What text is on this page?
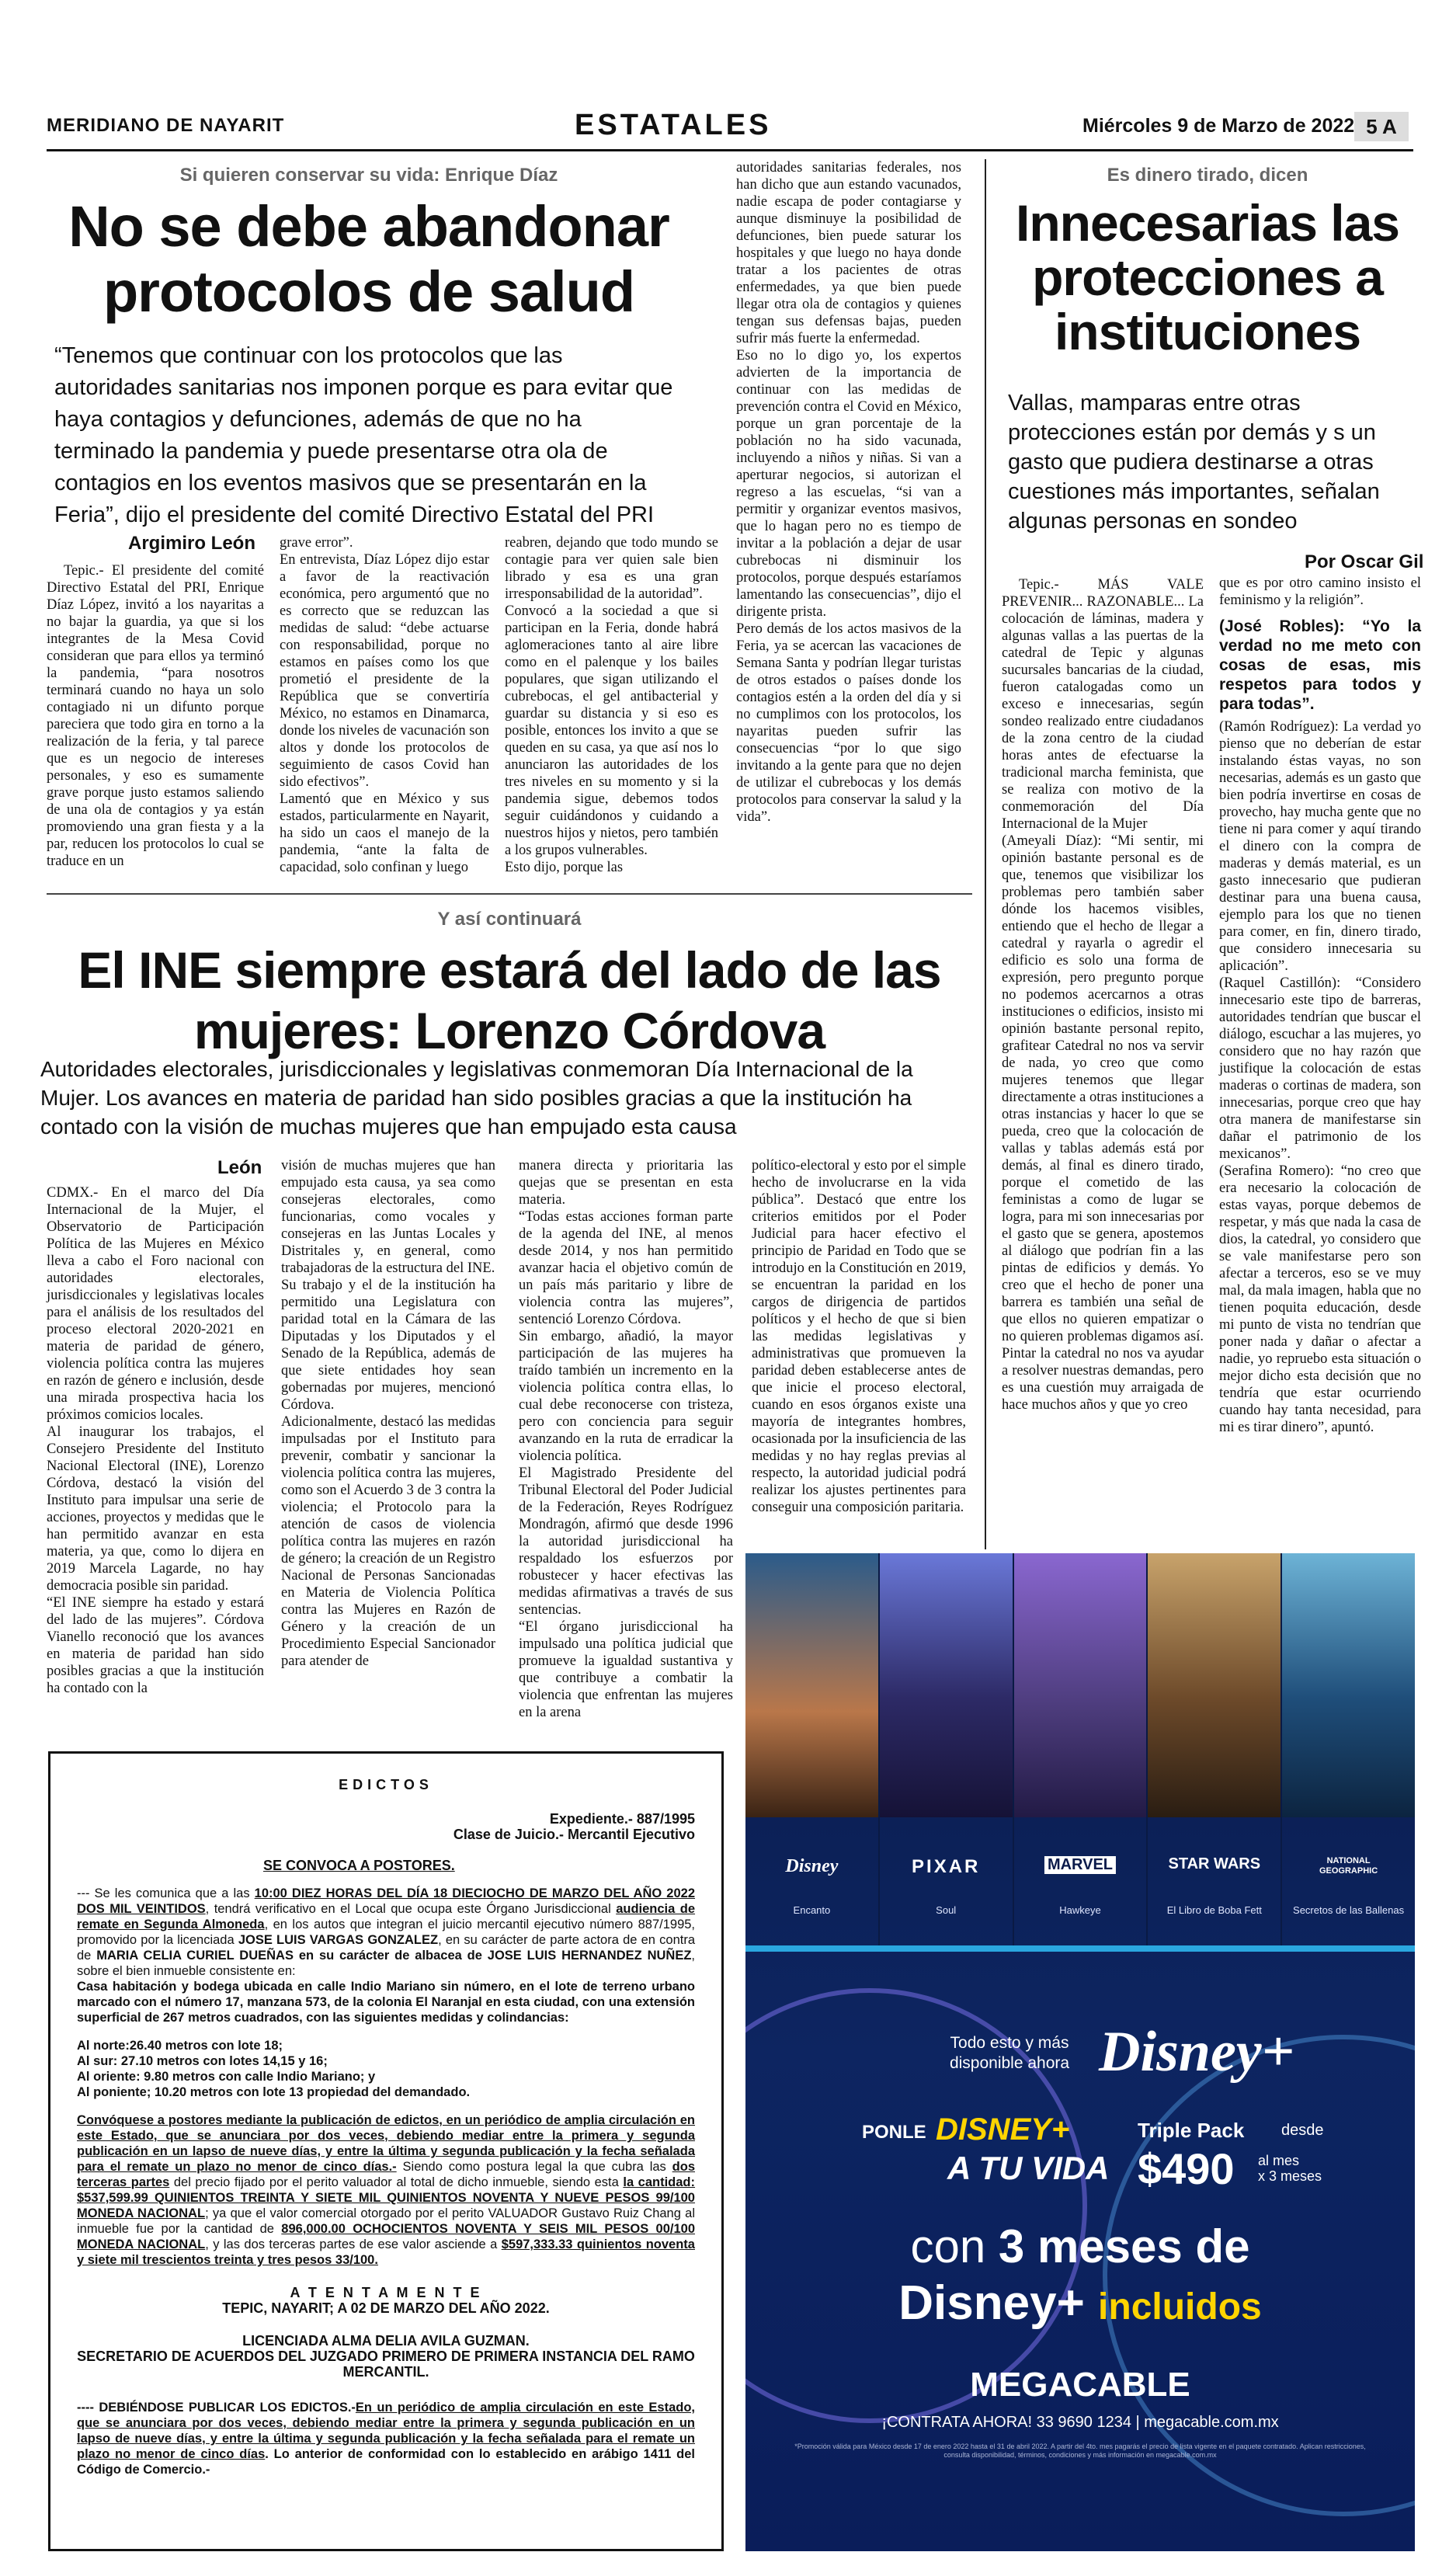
MERIDIANO DE NAYARIT	ESTATALES	Miércoles 9 de Marzo de 2022 5 A
Si quieren conservar su vida: Enrique Díaz
No se debe abandonar protocolos de salud
“Tenemos que continuar con los protocolos que las autoridades sanitarias nos imponen porque es para evitar que haya contagios y defunciones, además de que no ha terminado la pandemia y puede presentarse otra ola de contagios en los eventos masivos que se presentarán en la Feria”, dijo el presidente del comité Directivo Estatal del PRI
Argimiro León
Tepic.- El presidente del comité Directivo Estatal del PRI, Enrique Díaz López, invitó a los nayaritas a no bajar la guardia, ya que si los integrantes de la Mesa Covid consideran que para ellos ya terminó la pandemia, “para nosotros terminará cuando no haya un solo contagiado ni un difunto porque pareciera que todo gira en torno a la realización de la feria, y tal parece que es un negocio de intereses personales, y eso es sumamente grave porque justo estamos saliendo de una ola de contagios y ya están promoviendo una gran fiesta y a la par, reducen los protocolos lo cual se traduce en un
grave error”.
En entrevista, Díaz López dijo estar a favor de la reactivación económica, pero argumentó que no es correcto que se reduzcan las medidas de salud: “debe actuarse con responsabilidad, porque no estamos en países como los que prometió el presidente de la República que se convertiría México, no estamos en Dinamarca, donde los niveles de vacunación son altos y donde los protocolos de seguimiento de casos Covid han sido efectivos”.
Lamentó que en México y sus estados, particularmente en Nayarit, ha sido un caos el manejo de la pandemia, “ante la falta de capacidad, solo confinan y luego
reabren, dejando que todo mundo se contagie para ver quien sale bien librado y esa es una gran irresponsabilidad de la autoridad”.
Convocó a la sociedad a que si participan en la Feria, donde habrá aglomeraciones tanto al aire libre como en el palenque y los bailes populares, que sigan utilizando el cubrebocas, el gel antibacterial y guardar su distancia y si eso es posible, entonces los invito a que se queden en su casa, ya que así nos lo anunciaron las autoridades de los tres niveles en su momento y si la pandemia sigue, debemos todos seguir cuidándonos y cuidando a nuestros hijos y nietos, pero también a los grupos vulnerables.
Esto dijo, porque las
autoridades sanitarias federales, nos han dicho que aun estando vacunados, nadie escapa de poder contagiarse y aunque disminuye la posibilidad de defunciones, bien puede saturar los hospitales y que luego no haya donde tratar a los pacientes de otras enfermedades, ya que bien puede llegar otra ola de contagios y quienes tengan sus defensas bajas, pueden sufrir más fuerte la enfermedad.
Eso no lo digo yo, los expertos advierten de la importancia de continuar con las medidas de prevención contra el Covid en México, porque un gran porcentaje de la población no ha sido vacunada, incluyendo a niños y niñas. Si van a aperturar negocios, si autorizan el regreso a las escuelas, “si van a permitir y organizar eventos masivos, que lo hagan pero no es tiempo de invitar a la población a dejar de usar cubrebocas ni disminuir los protocolos, porque después estaríamos lamentando las consecuencias”, dijo el dirigente prista.
Pero demás de los actos masivos de la Feria, ya se acercan las vacaciones de Semana Santa y podrían llegar turistas de otros estados o países donde los contagios estén a la orden del día y si no cumplimos con los protocolos, los nayaritas pueden sufrir las consecuencias “por lo que sigo invitando a la gente para que no dejen de utilizar el cubrebocas y los demás protocolos para conservar la salud y la vida”.
Es dinero tirado, dicen
Innecesarias las protecciones a instituciones
Vallas, mamparas entre otras protecciones están por demás y s un gasto que pudiera destinarse a otras cuestiones más importantes, señalan algunas personas en sondeo
Por Oscar Gil
Tepic.- MÁS VALE PREVENIR... RAZONABLE... La colocación de láminas, madera y algunas vallas a las puertas de la catedral de Tepic y algunas sucursales bancarias de la ciudad, fueron catalogadas como un exceso e innecesarias, según sondeo realizado entre ciudadanos de la zona centro de la ciudad horas antes de efectuarse la tradicional marcha feminista, que se realiza con motivo de la conmemoración del Día Internacional de la Mujer
(Ameyali Díaz): “Mi sentir, mi opinión bastante personal es de que, tenemos que visibilizar los problemas pero también saber dónde los hacemos visibles, entiendo que el hecho de llegar a catedral y rayarla o agredir el edificio es solo una forma de expresión, pero pregunto porque no podemos acercarnos a otras instituciones o edificios, insisto mi opinión bastante personal repito, grafitear Catedral no nos va servir de nada, yo creo que como mujeres tenemos que llegar directamente a otras instituciones a otras instancias y hacer lo que se pueda, creo que la colocación de vallas y tablas además está por demás, al final es dinero tirado, porque el cometido de las feministas a como de lugar se logra, para mi son innecesarias por el gasto que se genera, apostemos al diálogo que podrían fin a las pintas de edificios y demás. Yo creo que el hecho de poner una barrera es también una señal de que ellos no quieren empatizar o no quieren problemas digamos así. Pintar la catedral no nos va ayudar a resolver nuestras demandas, pero es una cuestión muy arraigada de hace muchos años y que yo creo
que es por otro camino insisto el feminismo y la religión”.
(José Robles): “Yo la verdad no me meto con cosas de esas, mis respetos para todos y para todas”.
(Ramón Rodríguez): La verdad yo pienso que no deberían de estar instalando éstas vayas, no son necesarias, además es un gasto que bien podría invertirse en cosas de provecho, hay mucha gente que no tiene ni para comer y aquí tirando el dinero con la compra de maderas y demás material, es un gasto innecesario que pudieran destinar para una buena causa, ejemplo para los que no tienen para comer, en fin, dinero tirado, que considero innecesaria su aplicación”.
(Raquel Castillón): “Considero innecesario este tipo de barreras, autoridades tendrían que buscar el diálogo, escuchar a las mujeres, yo considero que no hay razón que justifique la colocación de estas maderas o cortinas de madera, son innecesarias, porque creo que hay otra manera de manifestarse sin dañar el patrimonio de los mexicanos”.
(Serafina Romero): “no creo que era necesario la colocación de estas vayas, porque debemos de respetar, y más que nada la casa de dios, la catedral, yo considero que se vale manifestarse pero son afectar a terceros, eso se ve muy mal, da mala imagen, habla que no tienen poquita educación, desde mi punto de vista no tendrían que poner nada y dañar o afectar a nadie, yo repruebo esta situación o mejor dicho esta decisión que no tendría que estar ocurriendo cuando hay tanta necesidad, para mi es tirar dinero”, apuntó.
Y así continuará
El INE siempre estará del lado de las mujeres: Lorenzo Córdova
Autoridades electorales, jurisdiccionales y legislativas conmemoran Día Internacional de la Mujer. Los avances en materia de paridad han sido posibles gracias a que la institución ha contado con la visión de muchas mujeres que han empujado esta causa
León
CDMX.- En el marco del Día Internacional de la Mujer, el Observatorio de Participación Política de las Mujeres en México lleva a cabo el Foro nacional con autoridades electorales, jurisdiccionales y legislativas locales para el análisis de los resultados del proceso electoral 2020-2021 en materia de paridad de género, violencia política contra las mujeres en razón de género e inclusión, desde una mirada prospectiva hacia los próximos comicios locales.
Al inaugurar los trabajos, el Consejero Presidente del Instituto Nacional Electoral (INE), Lorenzo Córdova, destacó la visión del Instituto para impulsar una serie de acciones, proyectos y medidas que le han permitido avanzar en esta materia, ya que, como lo dijera en 2019 Marcela Lagarde, no hay democracia posible sin paridad.
“El INE siempre ha estado y estará del lado de las mujeres”. Córdova Vianello reconoció que los avances en materia de paridad han sido posibles gracias a que la institución ha contado con la
visión de muchas mujeres que han empujado esta causa, ya sea como consejeras electorales, como funcionarias, como vocales y consejeras en las Juntas Locales y Distritales y, en general, como trabajadoras de la estructura del INE.
Su trabajo y el de la institución ha permitido una Legislatura con paridad total en la Cámara de las Diputadas y los Diputados y el Senado de la República, además de que siete entidades hoy sean gobernadas por mujeres, mencionó Córdova.
Adicionalmente, destacó las medidas impulsadas por el Instituto para prevenir, combatir y sancionar la violencia política contra las mujeres, como son el Acuerdo 3 de 3 contra la violencia; el Protocolo para la atención de casos de violencia política contra las mujeres en razón de género; la creación de un Registro Nacional de Personas Sancionadas en Materia de Violencia Política contra las Mujeres en Razón de Género y la creación de un Procedimiento Especial Sancionador para atender de
manera directa y prioritaria las quejas que se presentan en esta materia.
“Todas estas acciones forman parte de la agenda del INE, al menos desde 2014, y nos han permitido avanzar hacia el objetivo común de un país más paritario y libre de violencia contra las mujeres”, sentenció Lorenzo Córdova.
Sin embargo, añadió, la mayor participación de las mujeres ha traído también un incremento en la violencia política contra ellas, lo cual debe reconocerse con tristeza, pero con conciencia para seguir avanzando en la ruta de erradicar la violencia política.
El Magistrado Presidente del Tribunal Electoral del Poder Judicial de la Federación, Reyes Rodríguez Mondragón, afirmó que desde 1996 la autoridad jurisdiccional ha respaldado los esfuerzos por robustecer y hacer efectivas las medidas afirmativas a través de sus sentencias.
“El órgano jurisdiccional ha impulsado una política judicial que promueve la igualdad sustantiva y que contribuye a combatir la violencia que enfrentan las mujeres en la arena
político-electoral y esto por el simple hecho de involucrarse en la vida pública”. Destacó que entre los criterios emitidos por el Poder Judicial para hacer efectivo el principio de Paridad en Todo que se introdujo en la Constitución en 2019, se encuentran la paridad en los cargos de dirigencia de partidos políticos y el hecho de que si bien las medidas legislativas y administrativas que promueven la paridad deben establecerse antes de que inicie el proceso electoral, cuando en esos órganos existe una mayoría de integrantes hombres, ocasionada por la insuficiencia de las medidas y no hay reglas previas al respecto, la autoridad judicial podrá realizar los ajustes pertinentes para conseguir una composición paritaria.
EDICTOS
Expediente.- 887/1995
Clase de Juicio.- Mercantil Ejecutivo
SE CONVOCA A POSTORES.
--- Se les comunica que a las 10:00 DIEZ HORAS DEL DÍA 18 DIECIOCHO DE MARZO DEL AÑO 2022 DOS MIL VEINTIDOS, tendrá verificativo en el Local que ocupa este Órgano Jurisdiccional audiencia de remate en Segunda Almoneda, en los autos que integran el juicio mercantil ejecutivo número 887/1995, promovido por la licenciada JOSE LUIS VARGAS GONZALEZ, en su carácter de parte actora de en contra de MARIA CELIA CURIEL DUEÑAS en su carácter de albacea de JOSE LUIS HERNANDEZ NUÑEZ, sobre el bien inmueble consistente en:
Casa habitación y bodega ubicada en calle Indio Mariano sin número, en el lote de terreno urbano marcado con el número 17, manzana 573, de la colonia El Naranjal en esta ciudad, con una extensión superficial de 267 metros cuadrados, con las siguientes medidas y colindancias:

Al norte:26.40 metros con lote 18;
Al sur: 27.10 metros con lotes 14,15 y 16;
Al oriente: 9.80 metros con calle Indio Mariano; y
Al poniente; 10.20 metros con lote 13 propiedad del demandado.

Convóquese a postores mediante la publicación de edictos, en un periódico de amplia circulación en este Estado, que se anunciara por dos veces, debiendo mediar entre la primera y segunda publicación en un lapso de nueve días, y entre la última y segunda publicación y la fecha señalada para el remate un plazo no menor de cinco días.- Siendo como postura legal la que cubra las dos terceras partes del precio fijado por el perito valuador al total de dicho inmueble, siendo esta la cantidad: $537,599.99 QUINIENTOS TREINTA Y SIETE MIL QUINIENTOS NOVENTA Y NUEVE PESOS 99/100 MONEDA NACIONAL; ya que el valor comercial otorgado por el perito VALUADOR Gustavo Ruiz Chang al inmueble fue por la cantidad de 896,000.00 OCHOCIENTOS NOVENTA Y SEIS MIL PESOS 00/100 MONEDA NACIONAL, y las dos terceras partes de ese valor asciende a $597,333.33 quinientos noventa y siete mil trescientos treinta y tres pesos 33/100.

A T E N T A M E N T E

TEPIC, NAYARIT; A 02 DE MARZO DEL AÑO 2022.

LICENCIADA ALMA DELIA AVILA GUZMAN.

SECRETARIO DE ACUERDOS DEL JUZGADO PRIMERO DE PRIMERA INSTANCIA DEL RAMO MERCANTIL.

---- DEBIÉNDOSE PUBLICAR LOS EDICTOS.-En un periódico de amplia circulación en este Estado, que se anunciara por dos veces, debiendo mediar entre la primera y segunda publicación en un lapso de nueve días, y entre la última y segunda publicación y la fecha señalada para el remate un plazo no menor de cinco días. Lo anterior de conformidad con lo establecido en arábigo 1411 del Código de Comercio.-

Disney
Encanto
PIXAR
Soul
MARVEL
Hawkeye
STAR WARS
El Libro de Boba Fett
NATIONAL GEOGRAPHIC
Secretos de las Ballenas
Todo esto y más disponible ahora Disney+
PONLE DISNEY+
A TU VIDA
Triple Pack desde
$490 al mes
x 3 meses
con 3 meses de
Disney+ incluidos
MEGACABLE
¡CONTRATA AHORA! 33 9690 1234 | megacable.com.mx
*Promoción válida para México desde 17 de enero 2022 hasta el 31 de abril 2022. A partir del 4to. mes pagarás el precio de lista vigente en el paquete contratado. Aplican restricciones, consulta disponibilidad, términos, condiciones y más información en megacable.com.mx
